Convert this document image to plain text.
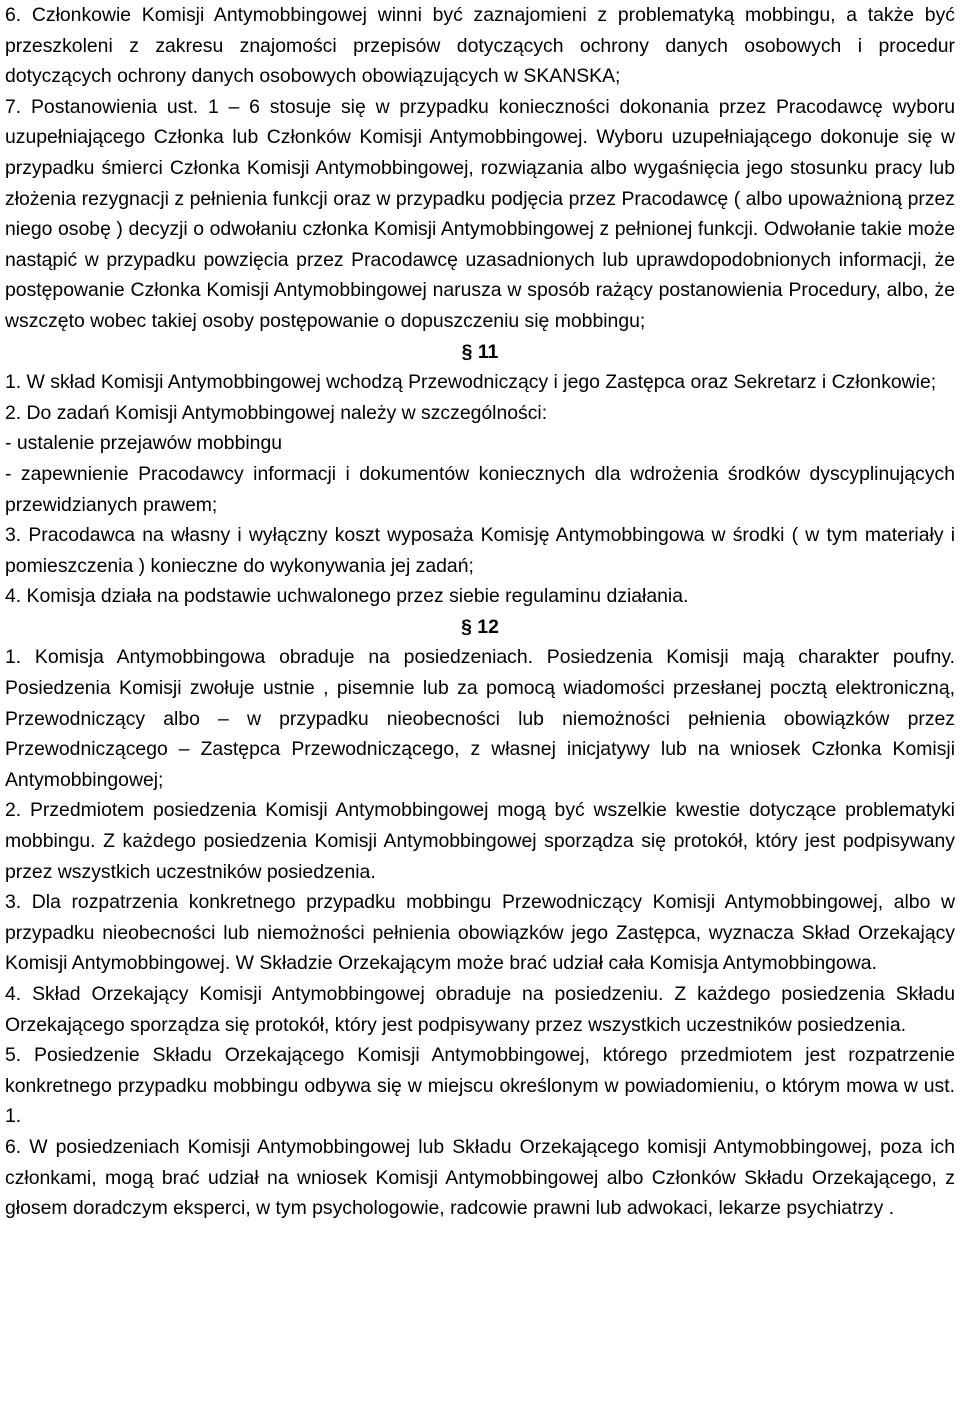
6. Członkowie Komisji Antymobbingowej winni być zaznajomieni z problematyką mobbingu, a także być przeszkoleni z zakresu znajomości przepisów dotyczących ochrony danych osobowych i procedur dotyczących ochrony danych osobowych obowiązujących w SKANSKA;

7. Postanowienia ust. 1 – 6 stosuje się w przypadku konieczności dokonania przez Pracodawcę wyboru uzupełniającego Członka lub Członków Komisji Antymobbingowej. Wyboru uzupełniającego dokonuje się w przypadku śmierci Członka Komisji Antymobbingowej, rozwiązania albo wygaśnięcia jego stosunku pracy lub złożenia rezygnacji z pełnienia funkcji oraz w przypadku podjęcia przez Pracodawcę ( albo upoważnioną przez niego osobę ) decyzji o odwołaniu członka Komisji Antymobbingowej z pełnionej funkcji. Odwołanie takie może nastąpić w przypadku powzięcia przez Pracodawcę uzasadnionych lub uprawdopodobnionych informacji, że postępowanie Członka Komisji Antymobbingowej narusza w sposób rażący postanowienia Procedury, albo, że wszczęto wobec takiej osoby postępowanie o dopuszczeniu się mobbingu;

§ 11

1. W skład Komisji Antymobbingowej wchodzą Przewodniczący i jego Zastępca oraz Sekretarz i Członkowie;

2. Do zadań Komisji Antymobbingowej należy w szczególności:

- ustalenie przejawów mobbingu

- zapewnienie Pracodawcy informacji i dokumentów koniecznych dla wdrożenia środków dyscyplinujących przewidzianych prawem;

3. Pracodawca na własny i wyłączny koszt wyposaża Komisję Antymobbingowa w środki ( w tym materiały i pomieszczenia ) konieczne do wykonywania jej zadań;

4. Komisja działa na podstawie uchwalonego przez siebie regulaminu działania.

§ 12

1. Komisja Antymobbingowa obraduje na posiedzeniach. Posiedzenia Komisji mają charakter poufny. Posiedzenia Komisji zwołuje ustnie , pisemnie lub za pomocą wiadomości przesłanej pocztą elektroniczną, Przewodniczący albo – w przypadku nieobecności lub niemożności pełnienia obowiązków przez Przewodniczącego – Zastępca Przewodniczącego, z własnej inicjatywy lub na wniosek Członka Komisji Antymobbingowej;

2. Przedmiotem posiedzenia Komisji Antymobbingowej mogą być wszelkie kwestie dotyczące problematyki mobbingu. Z każdego posiedzenia Komisji Antymobbingowej sporządza się protokół, który jest podpisywany przez wszystkich uczestników posiedzenia.

3. Dla rozpatrzenia konkretnego przypadku mobbingu Przewodniczący Komisji Antymobbingowej, albo w przypadku nieobecności lub niemożności pełnienia obowiązków jego Zastępca, wyznacza Skład Orzekający Komisji Antymobbingowej. W Składzie Orzekającym może brać udział cała Komisja Antymobbingowa.

4. Skład Orzekający Komisji Antymobbingowej obraduje na posiedzeniu. Z każdego posiedzenia Składu Orzekającego sporządza się protokół, który jest podpisywany przez wszystkich uczestników posiedzenia.

5. Posiedzenie Składu Orzekającego Komisji Antymobbingowej, którego przedmiotem jest rozpatrzenie konkretnego przypadku mobbingu odbywa się w miejscu określonym w powiadomieniu, o którym mowa w ust. 1.

6. W posiedzeniach Komisji Antymobbingowej lub Składu Orzekającego komisji Antymobbingowej, poza ich członkami, mogą brać udział na wniosek Komisji Antymobbingowej albo Członków Składu Orzekającego, z głosem doradczym eksperci, w tym psychologowie, radcowie prawni lub adwokaci, lekarze psychiatrzy .
